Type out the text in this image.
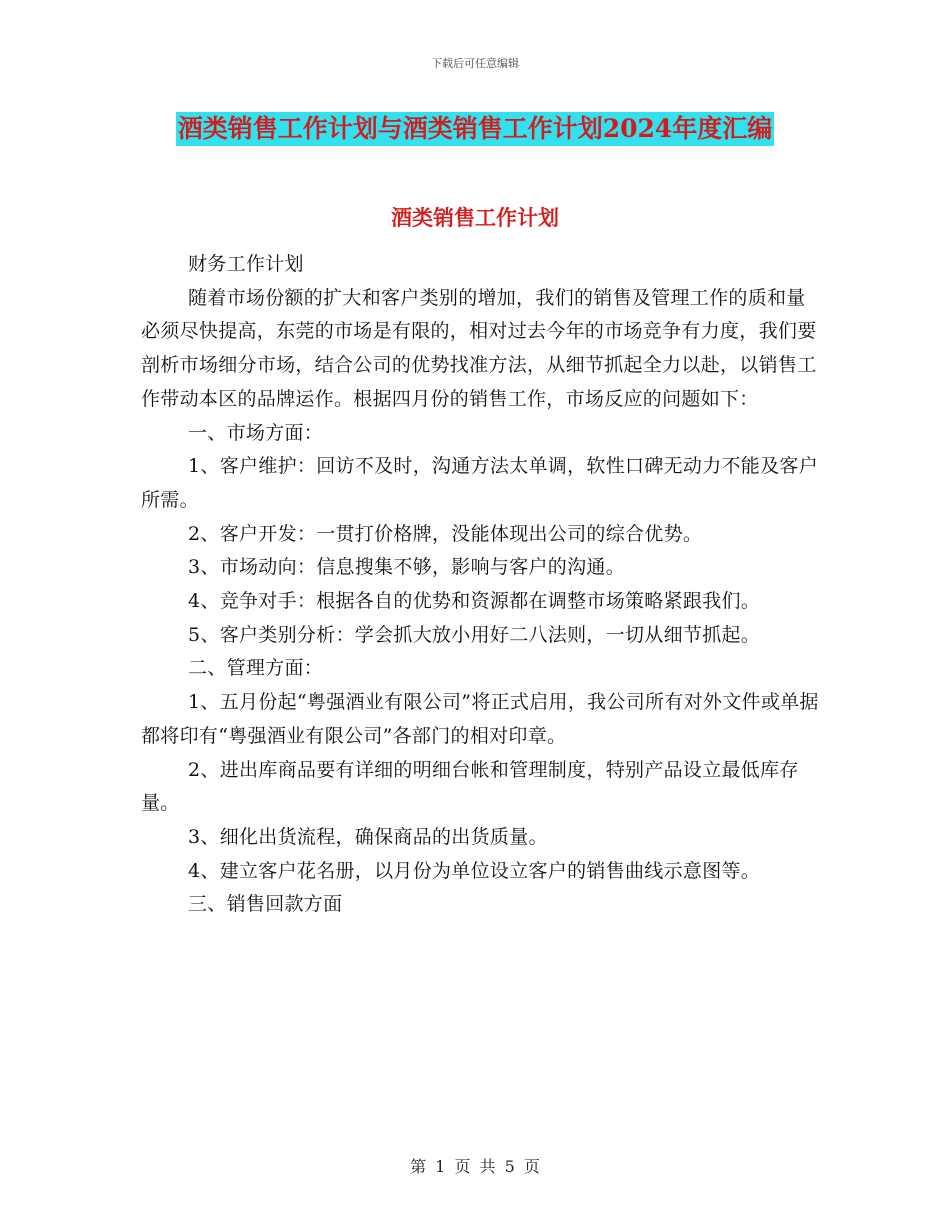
下载后可任意编辑
酒类销售工作计划与酒类销售工作计划2024年度汇编
酒类销售工作计划

财务工作计划

随着市场份额的扩大和客户类别的增加，我们的销售及管理工作的质和量必须尽快提高，东莞的市场是有限的，相对过去今年的市场竞争有力度，我们要剖析市场细分市场，结合公司的优势找准方法，从细节抓起全力以赴，以销售工作带动本区的品牌运作。根据四月份的销售工作，市场反应的问题如下：

一、市场方面：

1、客户维护：回访不及时，沟通方法太单调，软性口碑无动力不能及客户所需。

2、客户开发：一贯打价格牌，没能体现出公司的综合优势。

3、市场动向：信息搜集不够，影响与客户的沟通。

4、竞争对手：根据各自的优势和资源都在调整市场策略紧跟我们。

5、客户类别分析：学会抓大放小用好二八法则，一切从细节抓起。

二、管理方面：

1、五月份起“粤强酒业有限公司”将正式启用，我公司所有对外文件或单据都将印有“粤强酒业有限公司”各部门的相对印章。

2、进出库商品要有详细的明细台帐和管理制度，特别产品设立最低库存量。

3、细化出货流程，确保商品的出货质量。

4、建立客户花名册，以月份为单位设立客户的销售曲线示意图等。

三、销售回款方面

第 1 页 共 5 页
